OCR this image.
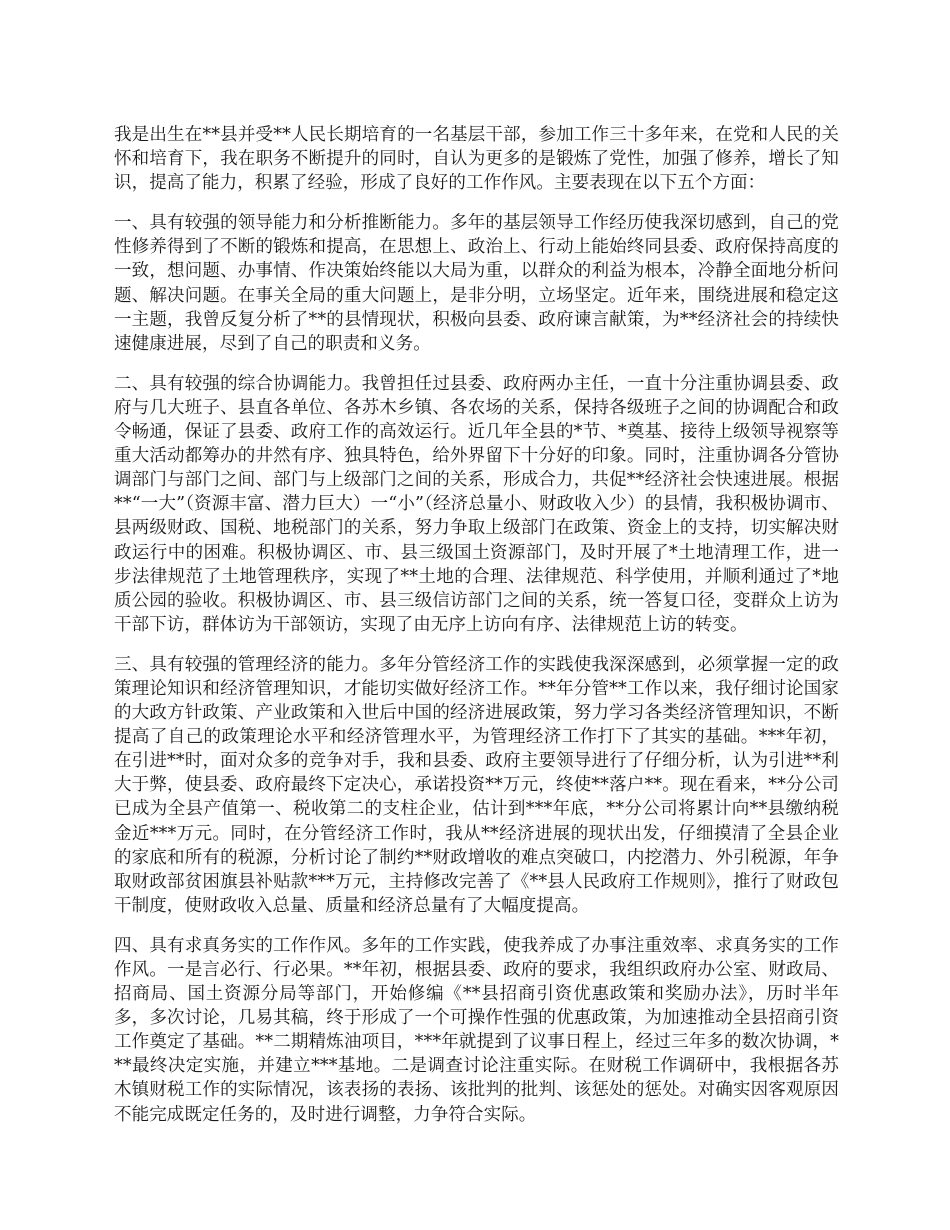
我是出生在**县并受**人民长期培育的一名基层干部，参加工作三十多年来，在党和人民的关怀和培育下，我在职务不断提升的同时，自认为更多的是锻炼了党性，加强了修养，增长了知识，提高了能力，积累了经验，形成了良好的工作作风。主要表现在以下五个方面：

一、具有较强的领导能力和分析推断能力。多年的基层领导工作经历使我深切感到，自己的党性修养得到了不断的锻炼和提高，在思想上、政治上、行动上能始终同县委、政府保持高度的一致，想问题、办事情、作决策始终能以大局为重，以群众的利益为根本，冷静全面地分析问题、解决问题。在事关全局的重大问题上，是非分明，立场坚定。近年来，围绕进展和稳定这一主题，我曾反复分析了**的县情现状，积极向县委、政府谏言献策，为**经济社会的持续快速健康进展，尽到了自己的职责和义务。

二、具有较强的综合协调能力。我曾担任过县委、政府两办主任，一直十分注重协调县委、政府与几大班子、县直各单位、各苏木乡镇、各农场的关系，保持各级班子之间的协调配合和政令畅通，保证了县委、政府工作的高效运行。近几年全县的*节、*奠基、接待上级领导视察等重大活动都筹办的井然有序、独具特色，给外界留下十分好的印象。同时，注重协调各分管协调部门与部门之间、部门与上级部门之间的关系，形成合力，共促**经济社会快速进展。根据**“一大”（资源丰富、潜力巨大）一“小”（经济总量小、财政收入少）的县情，我积极协调市、县两级财政、国税、地税部门的关系，努力争取上级部门在政策、资金上的支持，切实解决财政运行中的困难。积极协调区、市、县三级国土资源部门，及时开展了*土地清理工作，进一步法律规范了土地管理秩序，实现了**土地的合理、法律规范、科学使用，并顺利通过了*地质公园的验收。积极协调区、市、县三级信访部门之间的关系，统一答复口径，变群众上访为干部下访，群体访为干部领访，实现了由无序上访向有序、法律规范上访的转变。

三、具有较强的管理经济的能力。多年分管经济工作的实践使我深深感到，必须掌握一定的政策理论知识和经济管理知识，才能切实做好经济工作。**年分管**工作以来，我仔细讨论国家的大政方针政策、产业政策和入世后中国的经济进展政策，努力学习各类经济管理知识，不断提高了自己的政策理论水平和经济管理水平，为管理经济工作打下了其实的基础。***年初，在引进**时，面对众多的竞争对手，我和县委、政府主要领导进行了仔细分析，认为引进**利大于弊，使县委、政府最终下定决心，承诺投资**万元，终使**落户**。现在看来，**分公司已成为全县产值第一、税收第二的支柱企业，估计到***年底，**分公司将累计向**县缴纳税金近***万元。同时，在分管经济工作时，我从**经济进展的现状出发，仔细摸清了全县企业的家底和所有的税源，分析讨论了制约**财政增收的难点突破口，内挖潜力、外引税源，年争取财政部贫困旗县补贴款***万元，主持修改完善了《**县人民政府工作规则》，推行了财政包干制度，使财政收入总量、质量和经济总量有了大幅度提高。

四、具有求真务实的工作作风。多年的工作实践，使我养成了办事注重效率、求真务实的工作作风。一是言必行、行必果。**年初，根据县委、政府的要求，我组织政府办公室、财政局、招商局、国土资源分局等部门，开始修编《**县招商引资优惠政策和奖励办法》，历时半年多，多次讨论，几易其稿，终于形成了一个可操作性强的优惠政策，为加速推动全县招商引资工作奠定了基础。**二期精炼油项目，***年就提到了议事日程上，经过三年多的数次协调，***最终决定实施，并建立***基地。二是调查讨论注重实际。在财税工作调研中，我根据各苏木镇财税工作的实际情况，该表扬的表扬、该批判的批判、该惩处的惩处。对确实因客观原因不能完成既定任务的，及时进行调整，力争符合实际。
